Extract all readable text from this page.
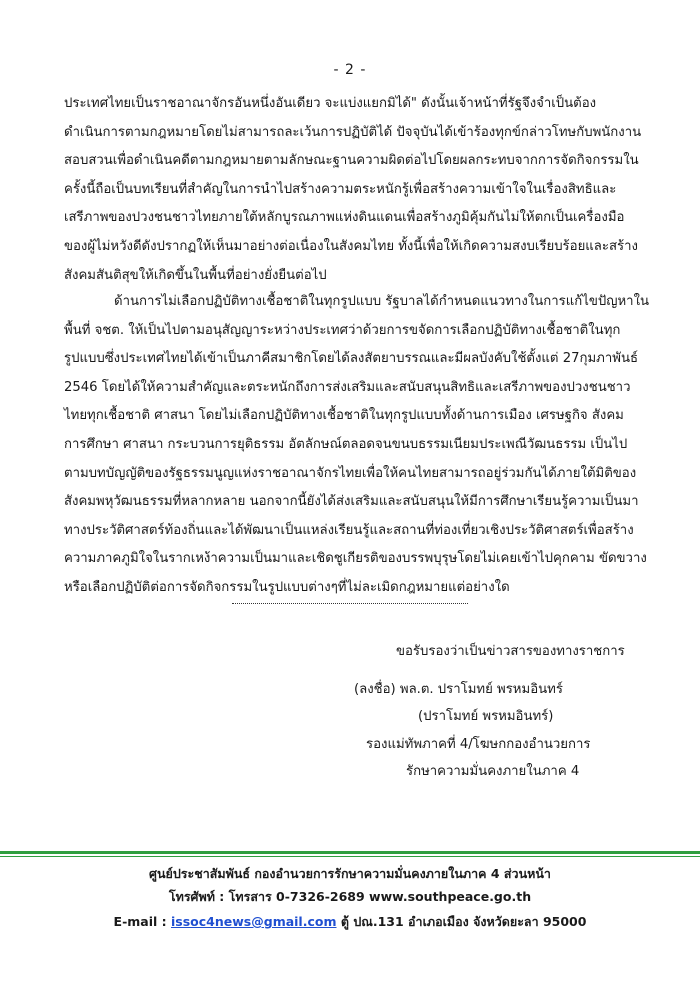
- 2 -
ประเทศไทยเป็นราชอาณาจักรอันหนึ่งอันเดียว จะแบ่งแยกมิได้" ดังนั้นเจ้าหน้าที่รัฐจึงจำเป็นต้อง
ดำเนินการตามกฎหมายโดยไม่สามารถละเว้นการปฏิบัติได้ ปัจจุบันได้เข้าร้องทุกข์กล่าวโทษกับพนักงาน
สอบสวนเพื่อดำเนินคดีตามกฎหมายตามลักษณะฐานความผิดต่อไปโดยผลกระทบจากการจัดกิจกรรมใน
ครั้งนี้ถือเป็นบทเรียนที่สำคัญในการนำไปสร้างความตระหนักรู้เพื่อสร้างความเข้าใจในเรื่องสิทธิและ
เสรีภาพของปวงชนชาวไทยภายใต้หลักบูรณภาพแห่งดินแดนเพื่อสร้างภูมิคุ้มกันไม่ให้ตกเป็นเครื่องมือ
ของผู้ไม่หวังดีดังปรากฏให้เห็นมาอย่างต่อเนื่องในสังคมไทย ทั้งนี้เพื่อให้เกิดความสงบเรียบร้อยและสร้าง
สังคมสันติสุขให้เกิดขึ้นในพื้นที่อย่างยั่งยืนต่อไป
ด้านการไม่เลือกปฏิบัติทางเชื้อชาติในทุกรูปแบบ รัฐบาลได้กำหนดแนวทางในการแก้ไขปัญหาใน
พื้นที่ จชต. ให้เป็นไปตามอนุสัญญาระหว่างประเทศว่าด้วยการขจัดการเลือกปฏิบัติทางเชื้อชาติในทุก
รูปแบบซึ่งประเทศไทยได้เข้าเป็นภาคีสมาชิกโดยได้ลงสัตยาบรรณและมีผลบังคับใช้ตั้งแต่ 27กุมภาพันธ์
2546 โดยได้ให้ความสำคัญและตระหนักถึงการส่งเสริมและสนับสนุนสิทธิและเสรีภาพของปวงชนชาว
ไทยทุกเชื้อชาติ ศาสนา โดยไม่เลือกปฏิบัติทางเชื้อชาติในทุกรูปแบบทั้งด้านการเมือง เศรษฐกิจ สังคม
การศึกษา ศาสนา กระบวนการยุติธรรม อัตลักษณ์ตลอดจนขนบธรรมเนียมประเพณีวัฒนธรรม เป็นไป
ตามบทบัญญัติของรัฐธรรมนูญแห่งราชอาณาจักรไทยเพื่อให้คนไทยสามารถอยู่ร่วมกันได้ภายใต้มิติของ
สังคมพหุวัฒนธรรมที่หลากหลาย นอกจากนี้ยังได้ส่งเสริมและสนับสนุนให้มีการศึกษาเรียนรู้ความเป็นมา
ทางประวัติศาสตร์ท้องถิ่นและได้พัฒนาเป็นแหล่งเรียนรู้และสถานที่ท่องเที่ยวเชิงประวัติศาสตร์เพื่อสร้าง
ความภาคภูมิใจในรากเหง้าความเป็นมาและเชิดชูเกียรติของบรรพบุรุษโดยไม่เคยเข้าไปคุกคาม ขัดขวาง
หรือเลือกปฏิบัติต่อการจัดกิจกรรมในรูปแบบต่างๆที่ไม่ละเมิดกฎหมายแต่อย่างใด
ขอรับรองว่าเป็นข่าวสารของทางราชการ
(ลงชื่อ) พล.ต. ปราโมทย์ พรหมอินทร์
(ปราโมทย์ พรหมอินทร์)
รองแม่ทัพภาคที่ 4/โฆษกกองอำนวยการ
รักษาความมั่นคงภายในภาค 4
ศูนย์ประชาสัมพันธ์ กองอำนวยการรักษาความมั่นคงภายในภาค 4 ส่วนหน้า
โทรศัพท์ : โทรสาร 0-7326-2689 www.southpeace.go.th
E-mail : issoc4news@gmail.com ตู้ ปณ.131 อำเภอเมือง จังหวัดยะลา 95000
